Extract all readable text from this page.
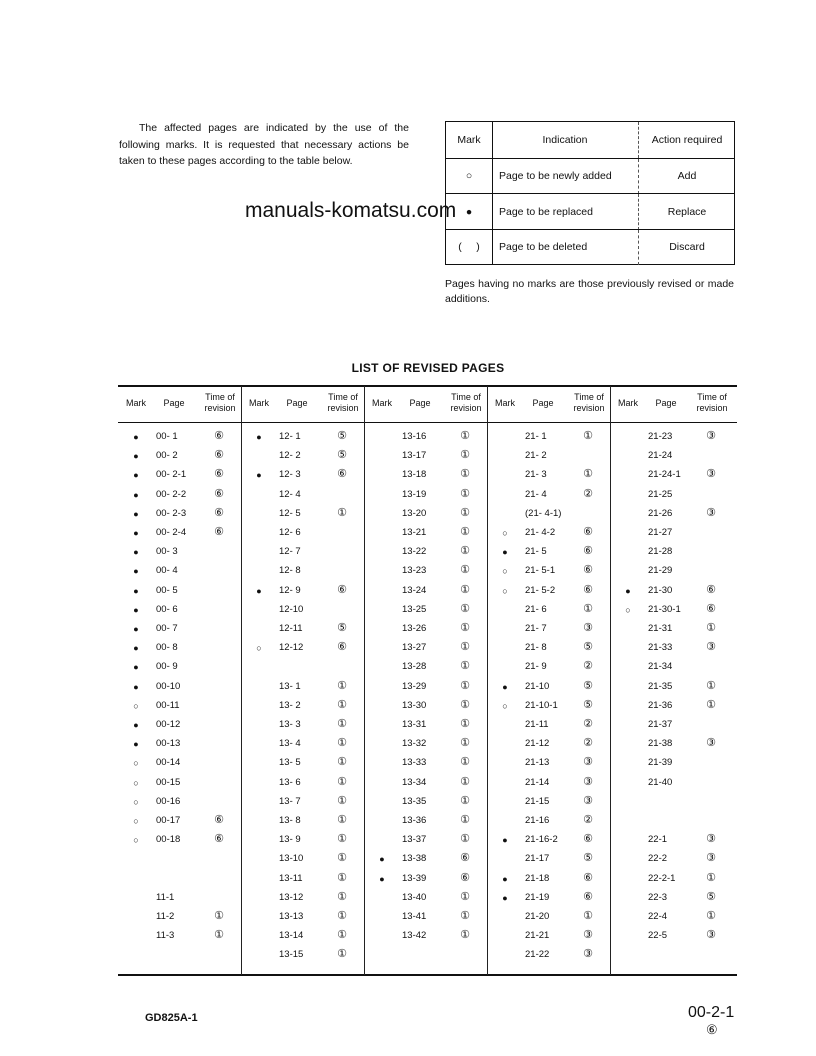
The affected pages are indicated by the use of the following marks. It is requested that necessary actions be taken to these pages according to the table below.
Mark	Indication	Action required
○	Page to be newly added	Add
●	Page to be replaced	Replace
(     )	Page to be deleted	Discard
Pages having no marks are those previously revised or made additions.
manuals-komatsu.com
LIST OF REVISED PAGES
GD825A-1	00-2-1
⑥
Mark	Page
Time of revision
●	00- 1	⑥
●	00- 2	⑥
●	00- 2-1	⑥
●	00- 2-2	⑥
●	00- 2-3	⑥
●	00- 2-4	⑥
●	00- 3
●	00- 4
●	00- 5
●	00- 6
●	00- 7
●	00- 8
●	00- 9
●	00-10
○	00-11
●	00-12
●	00-13
○	00-14
○	00-15
○	00-16
○	00-17	⑥
○	00-18	⑥
11-1
11-2	①
11-3	①
Mark	Page
Time of revision
●	12- 1	⑤
12- 2	⑤
●	12- 3	⑥
12- 4
12- 5	①
12- 6
12- 7
12- 8
●	12- 9	⑥
12-10
12-11	⑤
○	12-12	⑥
13- 1	①
13- 2	①
13- 3	①
13- 4	①
13- 5	①
13- 6	①
13- 7	①
13- 8	①
13- 9	①
13-10	①
13-11	①
13-12	①
13-13	①
13-14	①
13-15	①
Mark	Page
Time of revision
13-16	①
13-17	①
13-18	①
13-19	①
13-20	①
13-21	①
13-22	①
13-23	①
13-24	①
13-25	①
13-26	①
13-27	①
13-28	①
13-29	①
13-30	①
13-31	①
13-32	①
13-33	①
13-34	①
13-35	①
13-36	①
13-37	①
●	13-38	⑥
●	13-39	⑥
13-40	①
13-41	①
13-42	①
Mark	Page
Time of revision
21- 1	①
21- 2
21- 3	①
21- 4	②
(21- 4-1)
○	21- 4-2	⑥
●	21- 5	⑥
○	21- 5-1	⑥
○	21- 5-2	⑥
21- 6	①
21- 7	③
21- 8	⑤
21- 9	②
●	21-10	⑤
○	21-10-1	⑤
21-11	②
21-12	②
21-13	③
21-14	③
21-15	③
21-16	②
●	21-16-2	⑥
21-17	⑤
●	21-18	⑥
●	21-19	⑥
21-20	①
21-21	③
21-22	③
Mark	Page
Time of revision
21-23	③
21-24
21-24-1	③
21-25
21-26	③
21-27
21-28
21-29
●	21-30	⑥
○	21-30-1	⑥
21-31	①
21-33	③
21-34
21-35	①
21-36	①
21-37
21-38	③
21-39
21-40
22-1	③
22-2	③
22-2-1	①
22-3	⑤
22-4	①
22-5	③
